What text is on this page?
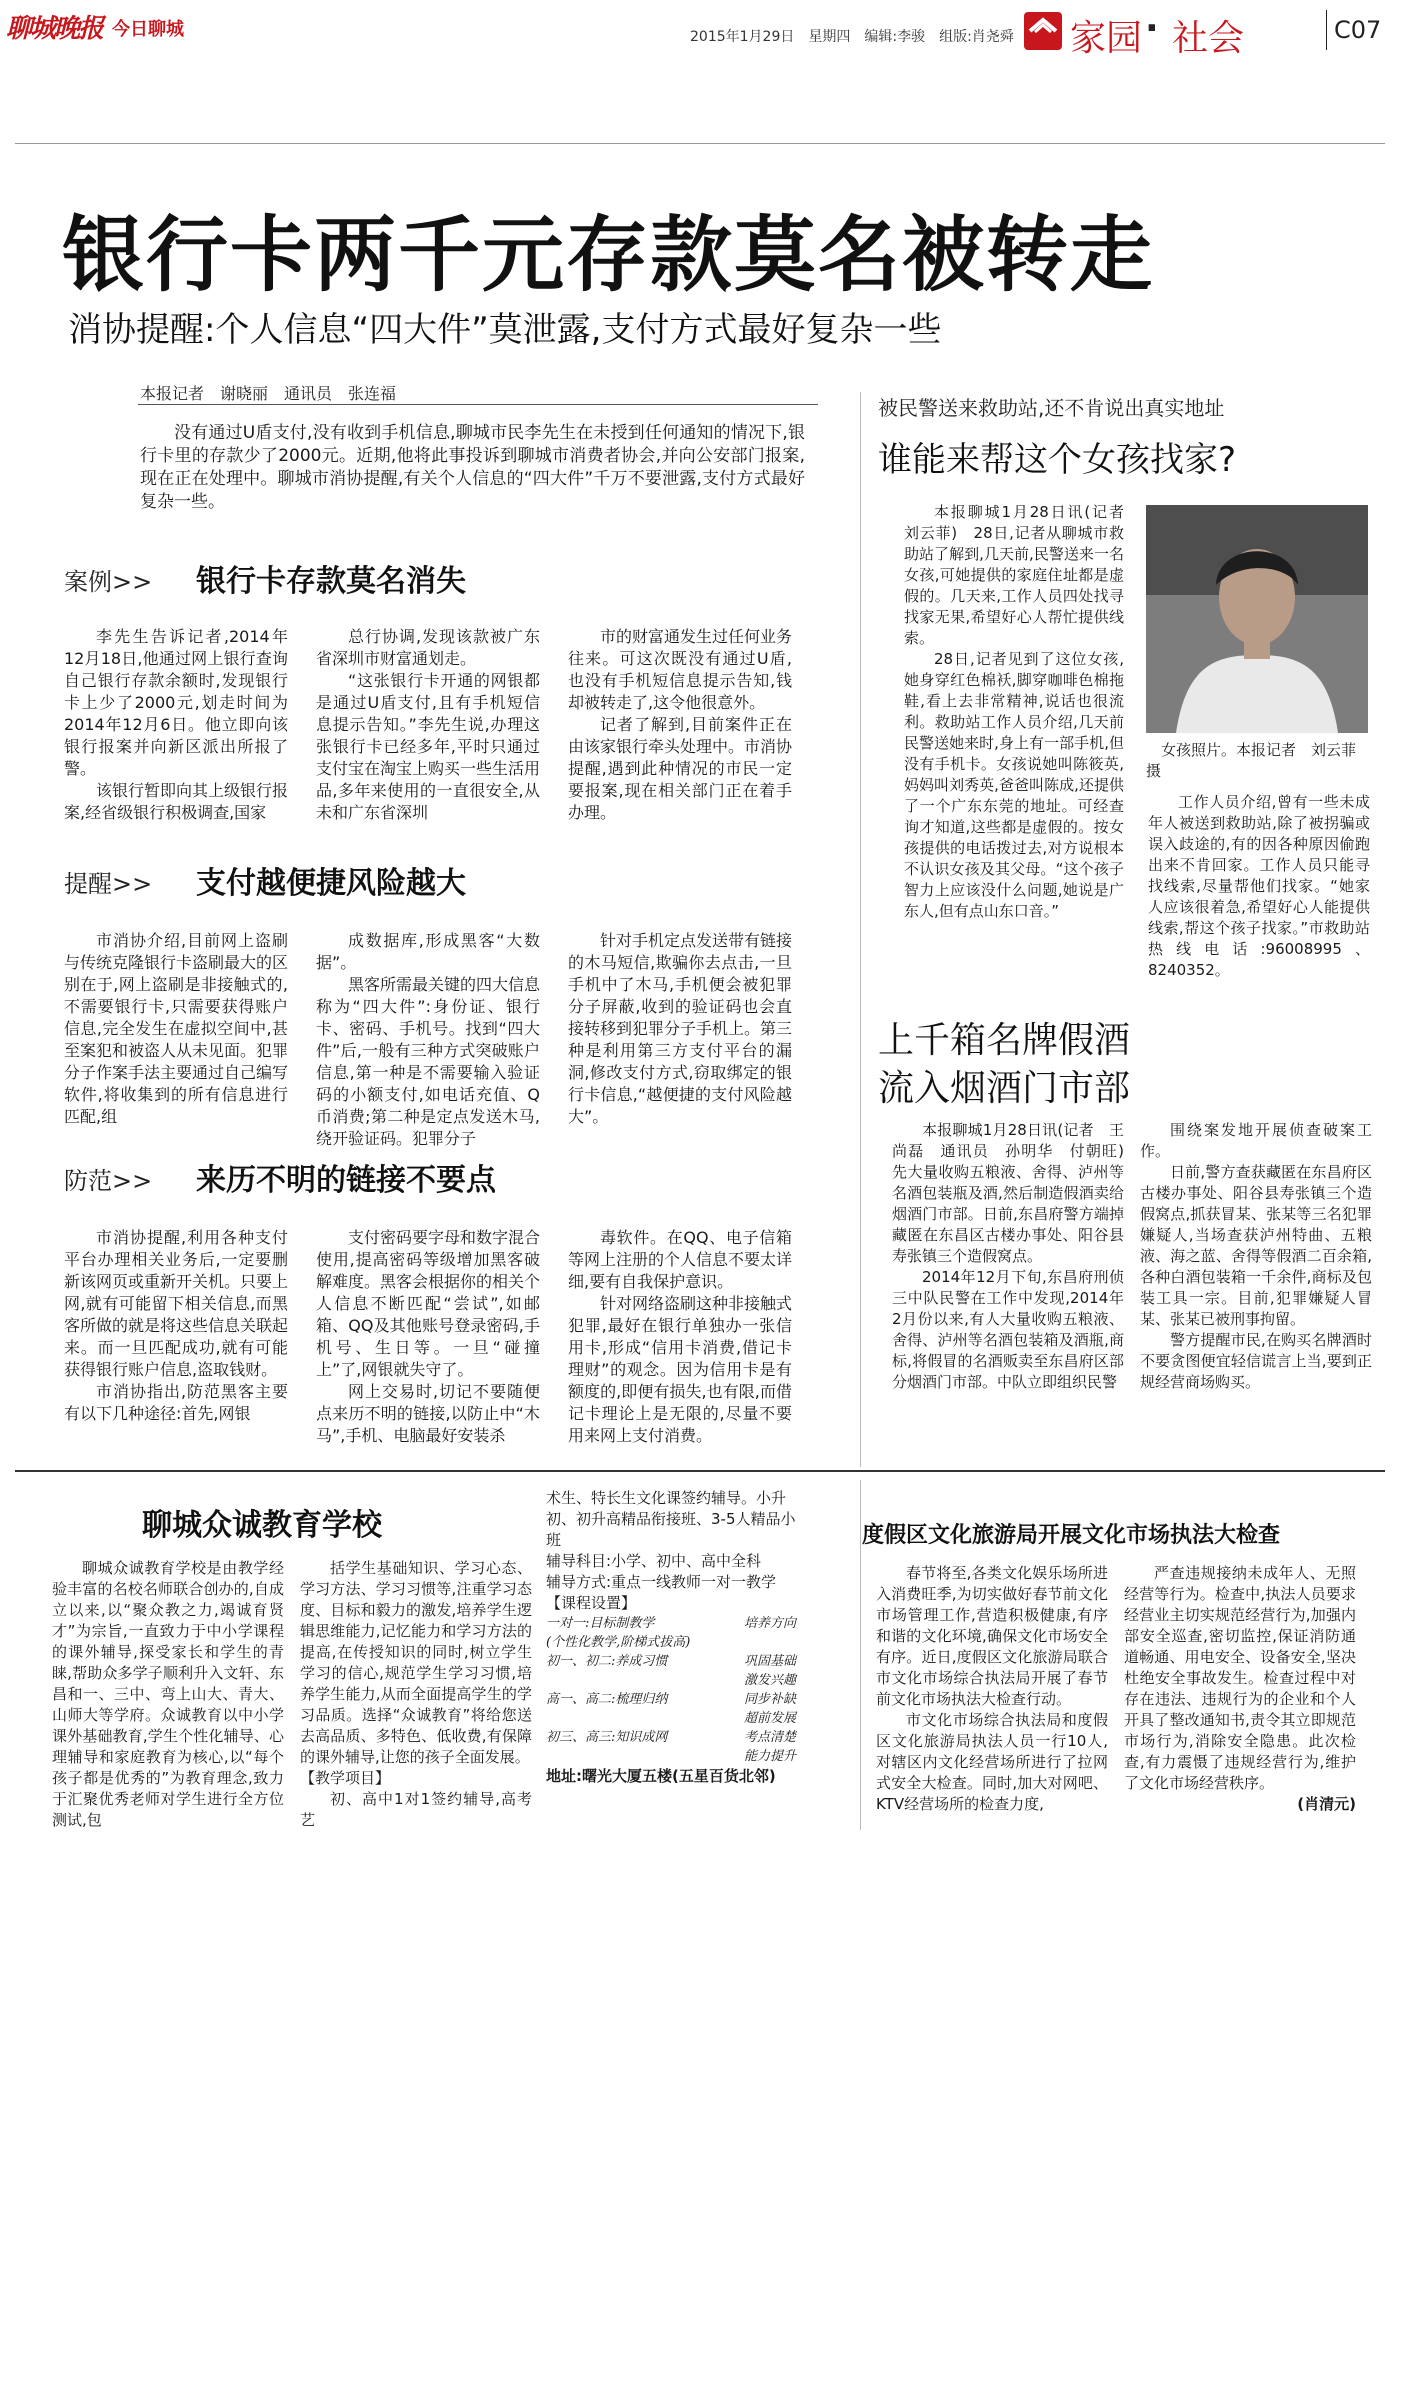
聊城晚报 今日聊城	2015年1月29日　星期四　编辑:李骏　组版:肖尧舜 家园 · 社会	C07
银行卡两千元存款莫名被转走
消协提醒:个人信息“四大件”莫泄露,支付方式最好复杂一些
本报记者　谢晓丽　通讯员　张连福

没有通过U盾支付,没有收到手机信息,聊城市民李先生在未授到任何通知的情况下,银行卡里的存款少了2000元。近期,他将此事投诉到聊城市消费者协会,并向公安部门报案,现在正在处理中。聊城市消协提醒,有关个人信息的“四大件”千万不要泄露,支付方式最好复杂一些。

案例>> 银行卡存款莫名消失

李先生告诉记者,2014年12月18日,他通过网上银行查询自己银行存款余额时,发现银行卡上少了2000元,划走时间为2014年12月6日。他立即向该银行报案并向新区派出所报了警。

该银行暂即向其上级银行报案,经省级银行积极调查,国家

总行协调,发现该款被广东省深圳市财富通划走。

“这张银行卡开通的网银都是通过U盾支付,且有手机短信息提示告知。”李先生说,办理这张银行卡已经多年,平时只通过支付宝在淘宝上购买一些生活用品,多年来使用的一直很安全,从未和广东省深圳

市的财富通发生过任何业务往来。可这次既没有通过U盾,也没有手机短信息提示告知,钱却被转走了,这令他很意外。

记者了解到,目前案件正在由该家银行牵头处理中。市消协提醒,遇到此种情况的市民一定要报案,现在相关部门正在着手办理。

提醒>> 支付越便捷风险越大

市消协介绍,目前网上盗刷与传统克隆银行卡盗刷最大的区别在于,网上盗刷是非接触式的,不需要银行卡,只需要获得账户信息,完全发生在虚拟空间中,甚至案犯和被盗人从未见面。犯罪分子作案手法主要通过自己编写软件,将收集到的所有信息进行匹配,组

成数据库,形成黑客“大数据”。

黑客所需最关键的四大信息称为“四大件”:身份证、银行卡、密码、手机号。找到“四大件”后,一般有三种方式突破账户信息,第一种是不需要输入验证码的小额支付,如电话充值、Q币消费;第二种是定点发送木马,绕开验证码。犯罪分子

针对手机定点发送带有链接的木马短信,欺骗你去点击,一旦手机中了木马,手机便会被犯罪分子屏蔽,收到的验证码也会直接转移到犯罪分子手机上。第三种是利用第三方支付平台的漏洞,修改支付方式,窃取绑定的银行卡信息,“越便捷的支付风险越大”。

防范>> 来历不明的链接不要点

市消协提醒,利用各种支付平台办理相关业务后,一定要删新该网页或重新开关机。只要上网,就有可能留下相关信息,而黑客所做的就是将这些信息关联起来。而一旦匹配成功,就有可能获得银行账户信息,盗取钱财。

市消协指出,防范黑客主要有以下几种途径:首先,网银

支付密码要字母和数字混合使用,提高密码等级增加黑客破解难度。黑客会根据你的相关个人信息不断匹配“尝试”,如邮箱、QQ及其他账号登录密码,手机号、生日等。一旦“碰撞上”了,网银就失守了。

网上交易时,切记不要随便点来历不明的链接,以防止中“木马”,手机、电脑最好安装杀

毒软件。在QQ、电子信箱等网上注册的个人信息不要太详细,要有自我保护意识。

针对网络盗刷这种非接触式犯罪,最好在银行单独办一张信用卡,形成“信用卡消费,借记卡理财”的观念。因为信用卡是有额度的,即便有损失,也有限,而借记卡理论上是无限的,尽量不要用来网上支付消费。

被民警送来救助站,还不肯说出真实地址
谁能来帮这个女孩找家?

本报聊城1月28日讯(记者　刘云菲)　28日,记者从聊城市救助站了解到,几天前,民警送来一名女孩,可她提供的家庭住址都是虚假的。几天来,工作人员四处找寻找家无果,希望好心人帮忙提供线索。

28日,记者见到了这位女孩,她身穿红色棉袄,脚穿咖啡色棉拖鞋,看上去非常精神,说话也很流利。救助站工作人员介绍,几天前民警送她来时,身上有一部手机,但没有手机卡。女孩说她叫陈筱英,妈妈叫刘秀英,爸爸叫陈成,还提供了一个广东东莞的地址。可经查询才知道,这些都是虚假的。按女孩提供的电话拨过去,对方说根本不认识女孩及其父母。“这个孩子智力上应该没什么问题,她说是广东人,但有点山东口音。”

女孩照片。本报记者　刘云菲　摄

工作人员介绍,曾有一些未成年人被送到救助站,除了被拐骗或误入歧途的,有的因各种原因偷跑出来不肯回家。工作人员只能寻找线索,尽量帮他们找家。“她家人应该很着急,希望好心人能提供线索,帮这个孩子找家。”市救助站热线电话:96008995、8240352。

上千箱名牌假酒
流入烟酒门市部

本报聊城1月28日讯(记者　王尚磊　通讯员　孙明华　付朝旺)　先大量收购五粮液、舍得、泸州等名酒包装瓶及酒,然后制造假酒卖给烟酒门市部。日前,东昌府警方端掉藏匿在东昌区古楼办事处、阳谷县寿张镇三个造假窝点。

2014年12月下旬,东昌府刑侦三中队民警在工作中发现,2014年2月份以来,有人大量收购五粮液、舍得、泸州等名酒包装箱及酒瓶,商标,将假冒的名酒贩卖至东昌府区部分烟酒门市部。中队立即组织民警

围绕案发地开展侦查破案工作。

日前,警方查获藏匿在东昌府区古楼办事处、阳谷县寿张镇三个造假窝点,抓获冒某、张某等三名犯罪嫌疑人,当场查获泸州特曲、五粮液、海之蓝、舍得等假酒二百余箱,各种白酒包装箱一千余件,商标及包装工具一宗。目前,犯罪嫌疑人冒某、张某已被刑事拘留。

警方提醒市民,在购买名牌酒时不要贪图便宜轻信谎言上当,要到正规经营商场购买。

聊城众诚教育学校

聊城众诚教育学校是由教学经验丰富的名校名师联合创办的,自成立以来,以“聚众教之力,竭诚育贤才”为宗旨,一直致力于中小学课程的课外辅导,探受家长和学生的青睐,帮助众多学子顺利升入文轩、东昌和一、三中、弯上山大、青大、山师大等学府。众诚教育以中小学课外基础教育,学生个性化辅导、心理辅导和家庭教育为核心,以“每个孩子都是优秀的”为教育理念,致力于汇聚优秀老师对学生进行全方位测试,包

括学生基础知识、学习心态、学习方法、学习习惯等,注重学习态度、目标和毅力的激发,培养学生逻辑思维能力,记忆能力和学习方法的提高,在传授知识的同时,树立学生学习的信心,规范学生学习习惯,培养学生能力,从而全面提高学生的学习品质。选择“众诚教育”将给您送去高品质、多特色、低收费,有保障的课外辅导,让您的孩子全面发展。

【教学项目】

初、高中1对1签约辅导,高考艺

术生、特长生文化课签约辅导。小升初、初升高精品衔接班、3-5人精品小班

辅导科目:小学、初中、高中全科

辅导方式:重点一线教师一对一教学

【课程设置】

一对一:目标制教学	培养方向
(个性化教学,阶梯式拔高)
初一、初二:养成习惯	巩固基础
激发兴趣
高一、高二:梳理归纳	同步补缺
超前发展
初三、高三:知识成网	考点清楚
能力提升

地址:曙光大厦五楼(五星百货北邻)

度假区文化旅游局开展文化市场执法大检查

春节将至,各类文化娱乐场所进入消费旺季,为切实做好春节前文化市场管理工作,营造积极健康,有序和谐的文化环境,确保文化市场安全有序。近日,度假区文化旅游局联合市文化市场综合执法局开展了春节前文化市场执法大检查行动。

市文化市场综合执法局和度假区文化旅游局执法人员一行10人,对辖区内文化经营场所进行了拉网式安全大检查。同时,加大对网吧、KTV经营场所的检查力度,

严查违规接纳未成年人、无照经营等行为。检查中,执法人员要求经营业主切实规范经营行为,加强内部安全巡查,密切监控,保证消防通道畅通、用电安全、设备安全,坚决杜绝安全事故发生。检查过程中对存在违法、违规行为的企业和个人开具了整改通知书,责令其立即规范市场行为,消除安全隐患。此次检查,有力震慑了违规经营行为,维护了文化市场经营秩序。

(肖清元)
